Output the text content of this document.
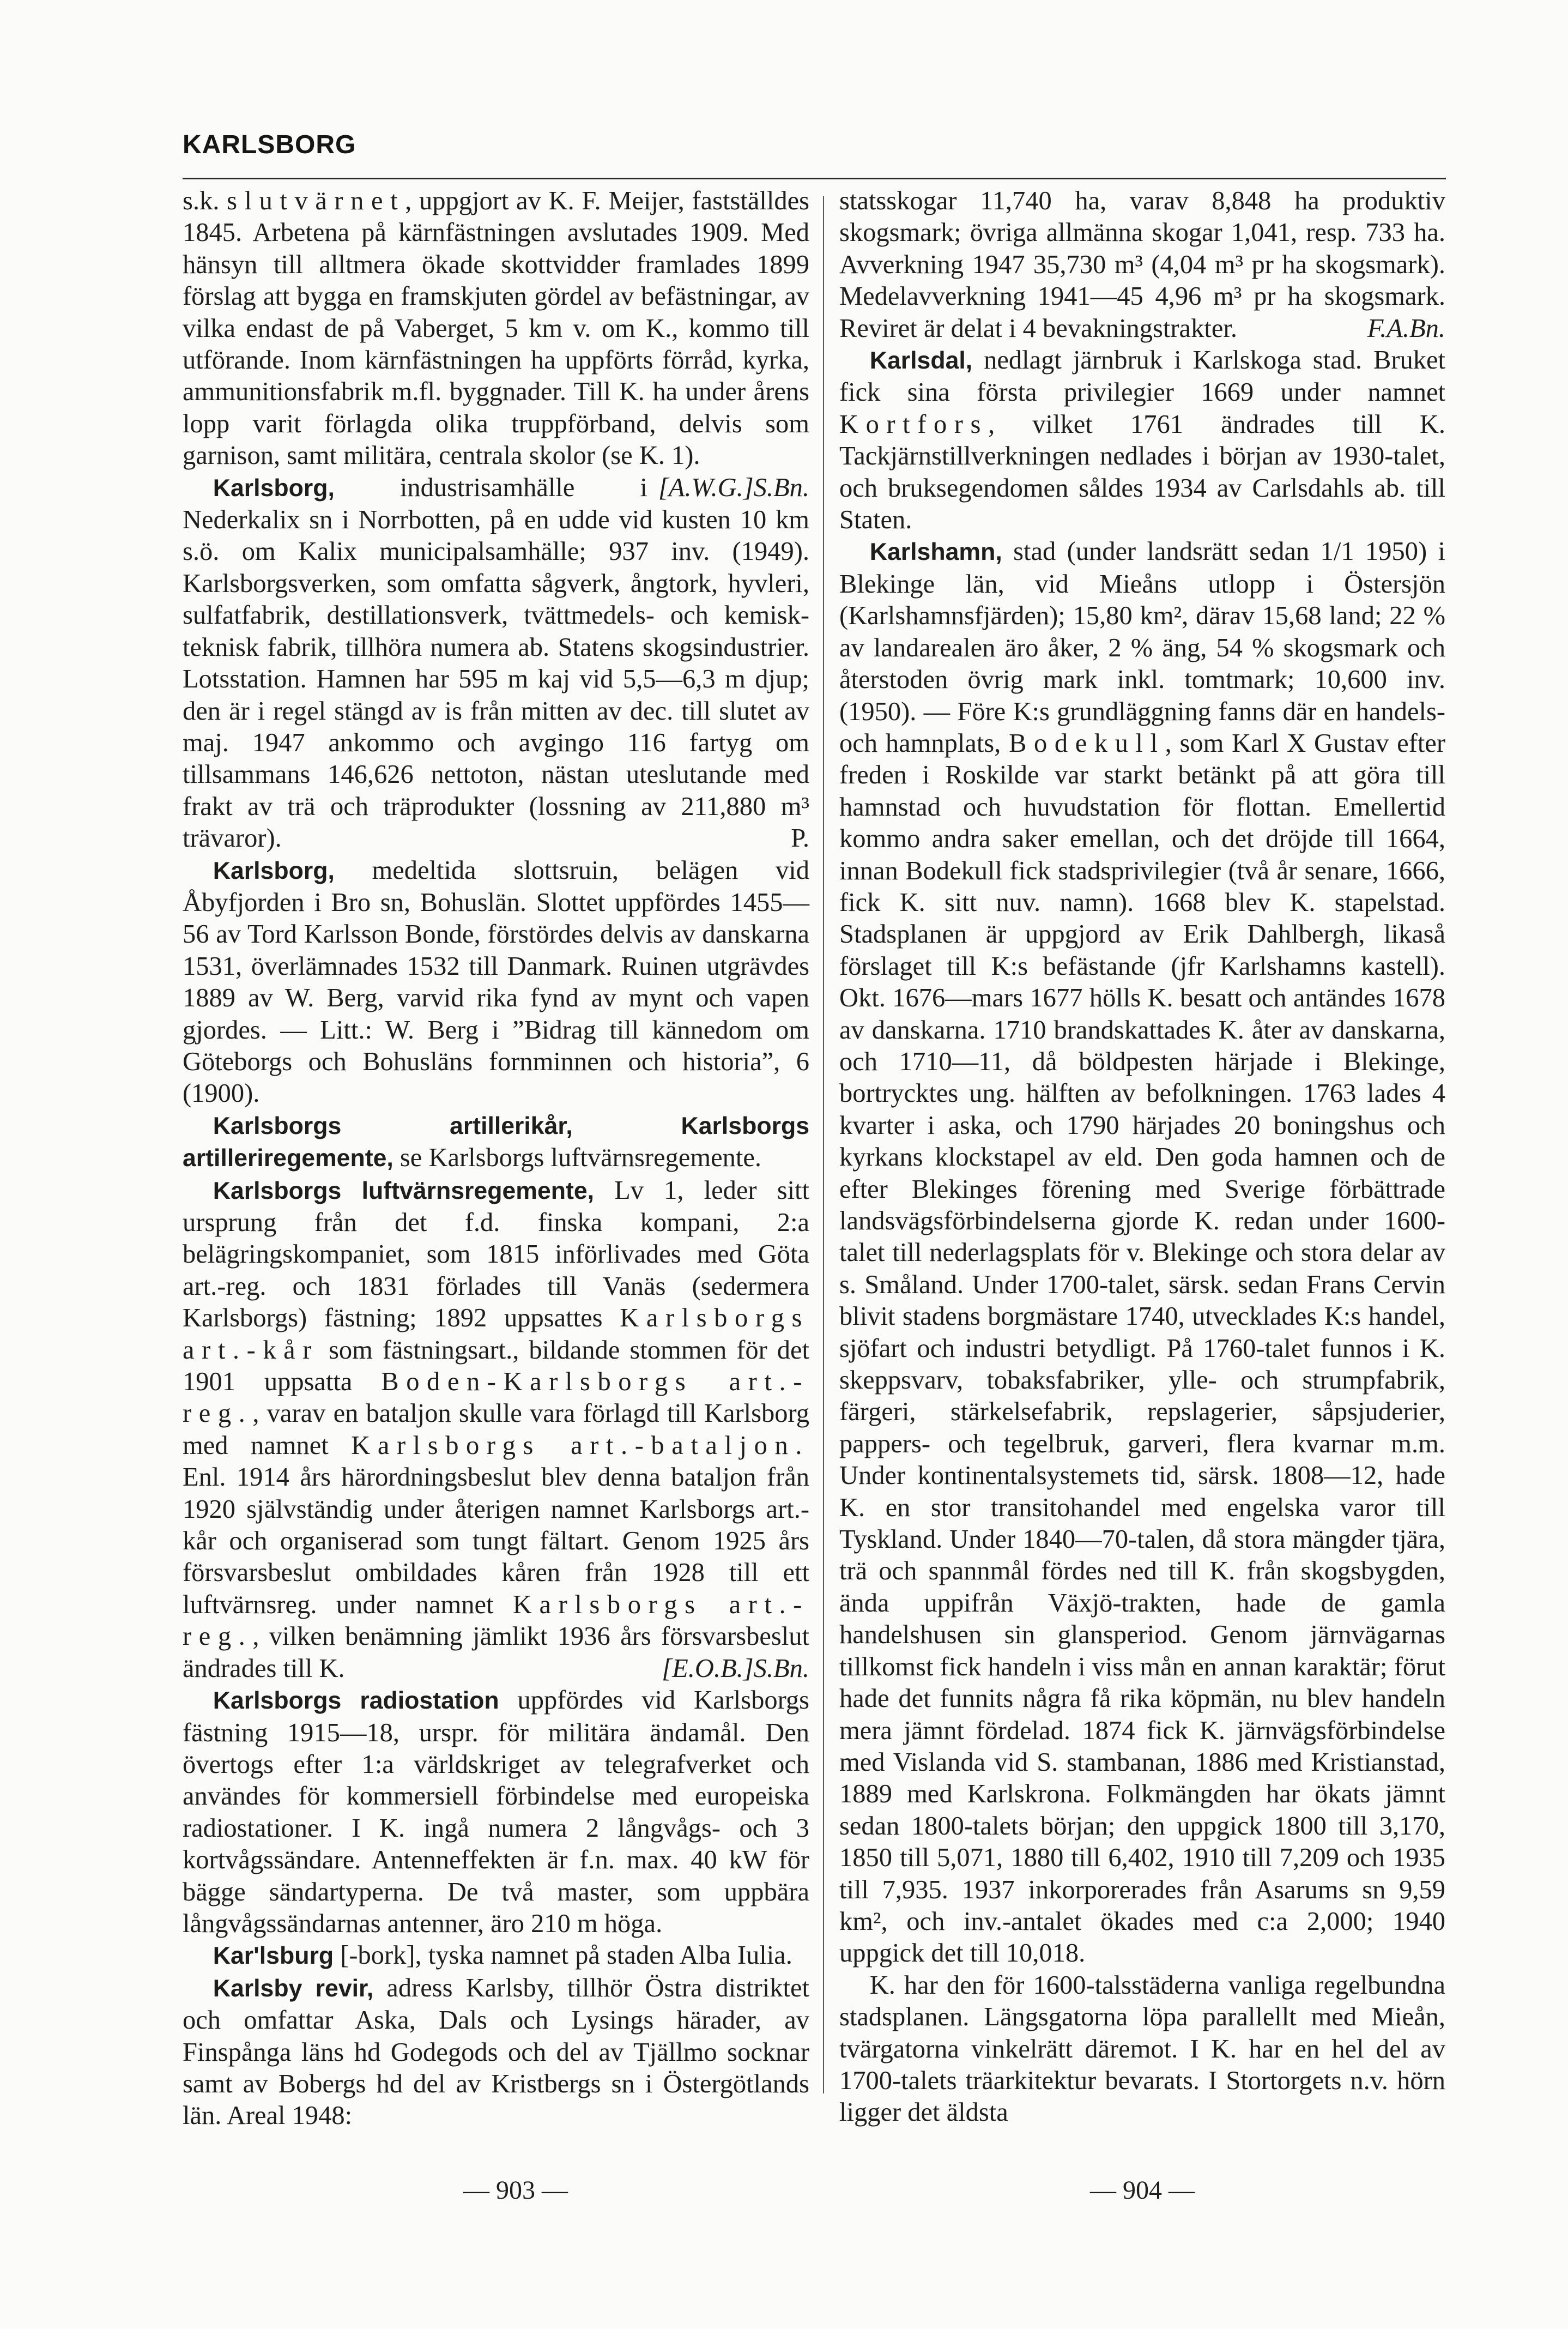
KARLSBORG

s.k. slutvärnet, uppgjort av K. F. Meijer, fastställdes 1845. Arbetena på kärnfästningen avslutades 1909. Med hänsyn till alltmera ökade skottvidder framlades 1899 förslag att bygga en framskjuten gördel av befästningar, av vilka endast de på Vaberget, 5 km v. om K., kommo till utförande. Inom kärnfästningen ha uppförts förråd, kyrka, ammunitionsfabrik m.fl. byggnader. Till K. ha under årens lopp varit förlagda olika truppförband, delvis som garnison, samt militära, centrala skolor (se K. 1).
[A.W.G.]S.Bn.

Karlsborg, industrisamhälle i Nederkalix sn i Norrbotten, på en udde vid kusten 10 km s.ö. om Kalix municipalsamhälle; 937 inv. (1949). Karlsborgsverken, som omfatta sågverk, ångtork, hyvleri, sulfatfabrik, destillationsverk, tvättmedels- och kemisk-teknisk fabrik, tillhöra numera ab. Statens skogsindustrier. Lotsstation. Hamnen har 595 m kaj vid 5,5—6,3 m djup; den är i regel stängd av is från mitten av dec. till slutet av maj. 1947 ankommo och avgingo 116 fartyg om tillsammans 146,626 nettoton, nästan uteslutande med frakt av trä och träprodukter (lossning av 211,880 m³ trävaror).	P.

Karlsborg, medeltida slottsruin, belägen vid Åbyfjorden i Bro sn, Bohuslän. Slottet uppfördes 1455—56 av Tord Karlsson Bonde, förstördes delvis av danskarna 1531, överlämnades 1532 till Danmark. Ruinen utgrävdes 1889 av W. Berg, varvid rika fynd av mynt och vapen gjordes. — Litt.: W. Berg i ”Bidrag till kännedom om Göteborgs och Bohusläns fornminnen och historia”, 6 (1900).

Karlsborgs artillerikår, Karlsborgs artilleriregemente, se Karlsborgs luftvärnsregemente.

Karlsborgs luftvärnsregemente, Lv 1, leder sitt ursprung från det f.d. finska kompani, 2:a belägringskompaniet, som 1815 införlivades med Göta art.-reg. och 1831 förlades till Vanäs (sedermera Karlsborgs) fästning; 1892 uppsattes Karlsborgs art.-kår som fästningsart., bildande stommen för det 1901 uppsatta Boden-Karlsborgs art.-reg., varav en bataljon skulle vara förlagd till Karlsborg med namnet Karlsborgs art.-bataljon. Enl. 1914 års härordningsbeslut blev denna bataljon från 1920 självständig under återigen namnet Karlsborgs art.-kår och organiserad som tungt fältart. Genom 1925 års försvarsbeslut ombildades kåren från 1928 till ett luftvärnsreg. under namnet Karlsborgs art.-reg., vilken benämning jämlikt 1936 års försvarsbeslut ändrades till K.	[E.O.B.]S.Bn.

Karlsborgs radiostation uppfördes vid Karlsborgs fästning 1915—18, urspr. för militära ändamål. Den övertogs efter 1:a världskriget av telegrafverket och användes för kommersiell förbindelse med europeiska radiostationer. I K. ingå numera 2 långvågs- och 3 kortvågssändare. Antenneffekten är f.n. max. 40 kW för bägge sändartyperna. De två master, som uppbära långvågssändarnas antenner, äro 210 m höga.

Kar'lsburg [-bork], tyska namnet på staden Alba Iulia.

Karlsby revir, adress Karlsby, tillhör Östra distriktet och omfattar Aska, Dals och Lysings härader, av Finspånga läns hd Godegods och del av Tjällmo socknar samt av Bobergs hd del av Kristbergs sn i Östergötlands län. Areal 1948:

statsskogar 11,740 ha, varav 8,848 ha produktiv skogsmark; övriga allmänna skogar 1,041, resp. 733 ha. Avverkning 1947 35,730 m³ (4,04 m³ pr ha skogsmark). Medelavverkning 1941—45 4,96 m³ pr ha skogsmark. Reviret är delat i 4 bevakningstrakter.	F.A.Bn.

Karlsdal, nedlagt järnbruk i Karlskoga stad. Bruket fick sina första privilegier 1669 under namnet Kortfors, vilket 1761 ändrades till K. Tackjärnstillverkningen nedlades i början av 1930-talet, och bruksegendomen såldes 1934 av Carlsdahls ab. till Staten.

Karlshamn, stad (under landsrätt sedan 1/1 1950) i Blekinge län, vid Mieåns utlopp i Östersjön (Karlshamnsfjärden); 15,80 km², därav 15,68 land; 22 % av landarealen äro åker, 2 % äng, 54 % skogsmark och återstoden övrig mark inkl. tomtmark; 10,600 inv. (1950). — Före K:s grundläggning fanns där en handels- och hamnplats, Bodekull, som Karl X Gustav efter freden i Roskilde var starkt betänkt på att göra till hamnstad och huvudstation för flottan. Emellertid kommo andra saker emellan, och det dröjde till 1664, innan Bodekull fick stadsprivilegier (två år senare, 1666, fick K. sitt nuv. namn). 1668 blev K. stapelstad. Stadsplanen är uppgjord av Erik Dahlbergh, likaså förslaget till K:s befästande (jfr Karlshamns kastell). Okt. 1676—mars 1677 hölls K. besatt och antändes 1678 av danskarna. 1710 brandskattades K. åter av danskarna, och 1710—11, då böldpesten härjade i Blekinge, bortrycktes ung. hälften av befolkningen. 1763 lades 4 kvarter i aska, och 1790 härjades 20 boningshus och kyrkans klockstapel av eld. Den goda hamnen och de efter Blekinges förening med Sverige förbättrade landsvägsförbindelserna gjorde K. redan under 1600-talet till nederlagsplats för v. Blekinge och stora delar av s. Småland. Under 1700-talet, särsk. sedan Frans Cervin blivit stadens borgmästare 1740, utvecklades K:s handel, sjöfart och industri betydligt. På 1760-talet funnos i K. skeppsvarv, tobaksfabriker, ylle- och strumpfabrik, färgeri, stärkelsefabrik, repslagerier, såpsjuderier, pappers- och tegelbruk, garveri, flera kvarnar m.m. Under kontinentalsystemets tid, särsk. 1808—12, hade K. en stor transitohandel med engelska varor till Tyskland. Under 1840—70-talen, då stora mängder tjära, trä och spannmål fördes ned till K. från skogsbygden, ända uppifrån Växjö-trakten, hade de gamla handelshusen sin glansperiod. Genom järnvägarnas tillkomst fick handeln i viss mån en annan karaktär; förut hade det funnits några få rika köpmän, nu blev handeln mera jämnt fördelad. 1874 fick K. järnvägsförbindelse med Vislanda vid S. stambanan, 1886 med Kristianstad, 1889 med Karlskrona. Folkmängden har ökats jämnt sedan 1800-talets början; den uppgick 1800 till 3,170, 1850 till 5,071, 1880 till 6,402, 1910 till 7,209 och 1935 till 7,935. 1937 inkorporerades från Asarums sn 9,59 km², och inv.-antalet ökades med c:a 2,000; 1940 uppgick det till 10,018.

K. har den för 1600-talsstäderna vanliga regelbundna stadsplanen. Längsgatorna löpa parallellt med Mieån, tvärgatorna vinkelrätt däremot. I K. har en hel del av 1700-talets träarkitektur bevarats. I Stortorgets n.v. hörn ligger det äldsta

— 903 —	— 904 —
